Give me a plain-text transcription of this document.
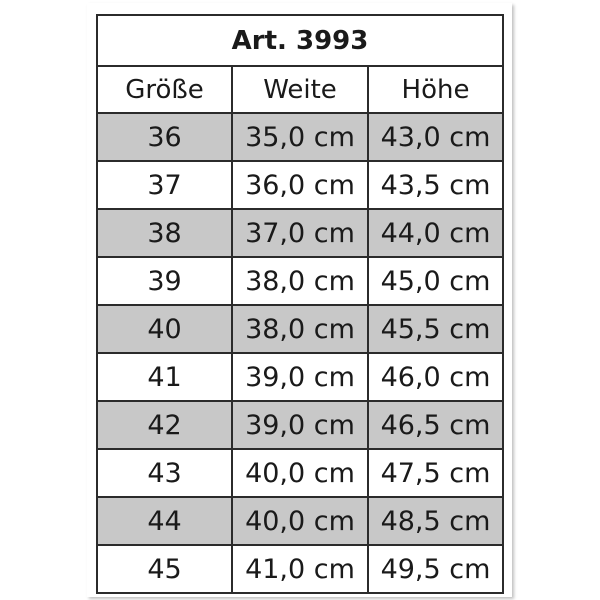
Art. 3993		
Größe	Weite	Höhe
36	35,0 cm	43,0 cm
37	36,0 cm	43,5 cm
38	37,0 cm	44,0 cm
39	38,0 cm	45,0 cm
40	38,0 cm	45,5 cm
41	39,0 cm	46,0 cm
42	39,0 cm	46,5 cm
43	40,0 cm	47,5 cm
44	40,0 cm	48,5 cm
45	41,0 cm	49,5 cm
